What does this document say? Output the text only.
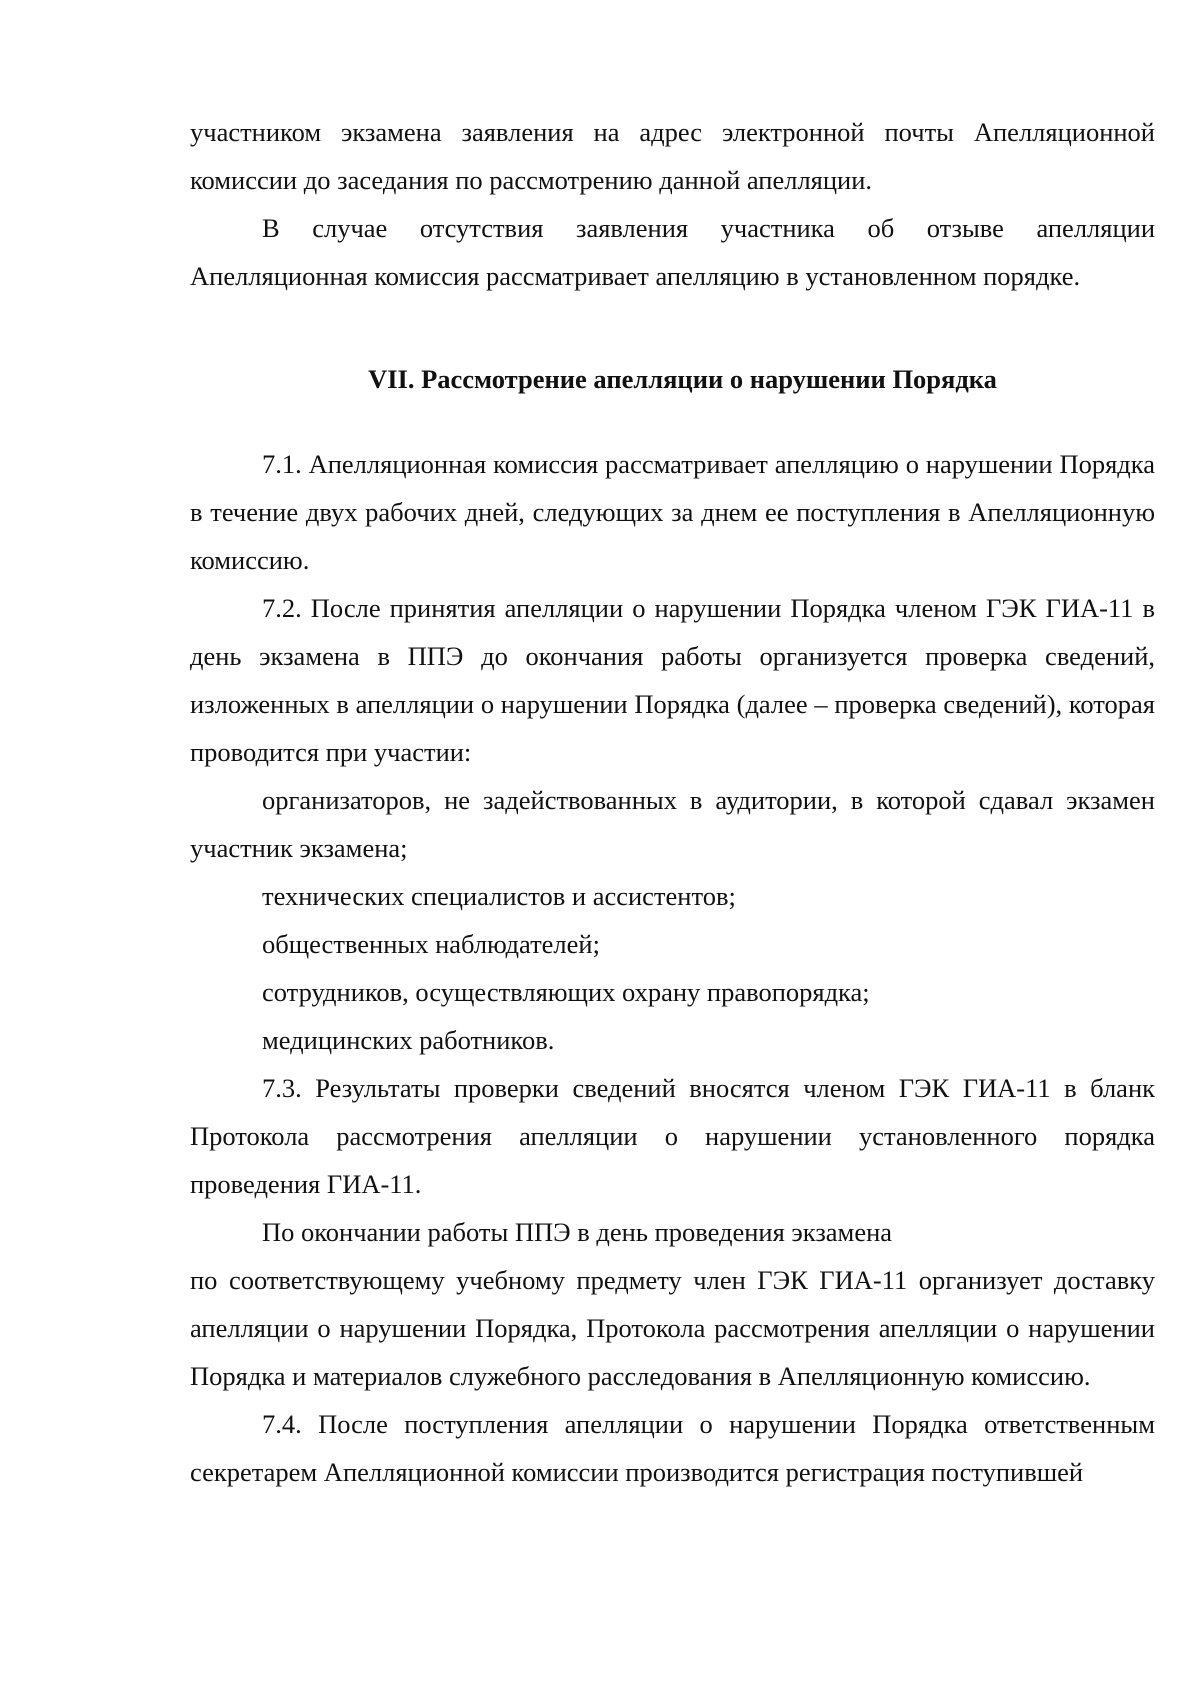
участником экзамена заявления на адрес электронной почты Апелляционной комиссии до заседания по рассмотрению данной апелляции.

В случае отсутствия заявления участника об отзыве апелляции Апелляционная комиссия рассматривает апелляцию в установленном порядке.

VII. Рассмотрение апелляции о нарушении Порядка

7.1. Апелляционная комиссия рассматривает апелляцию о нарушении Порядка в течение двух рабочих дней, следующих за днем ее поступления в Апелляционную комиссию.

7.2. После принятия апелляции о нарушении Порядка членом ГЭК ГИА-11 в день экзамена в ППЭ до окончания работы организуется проверка сведений, изложенных в апелляции о нарушении Порядка (далее – проверка сведений), которая проводится при участии:

организаторов, не задействованных в аудитории, в которой сдавал экзамен участник экзамена;

технических специалистов и ассистентов;

общественных наблюдателей;

сотрудников, осуществляющих охрану правопорядка;

медицинских работников.

7.3. Результаты проверки сведений вносятся членом ГЭК ГИА-11 в бланк Протокола рассмотрения апелляции о нарушении установленного порядка проведения ГИА-11.

По окончании работы ППЭ в день проведения экзамена

по соответствующему учебному предмету член ГЭК ГИА-11 организует доставку апелляции о нарушении Порядка, Протокола рассмотрения апелляции о нарушении Порядка и материалов служебного расследования в Апелляционную комиссию.

7.4. После поступления апелляции о нарушении Порядка ответственным секретарем Апелляционной комиссии производится регистрация поступившей
